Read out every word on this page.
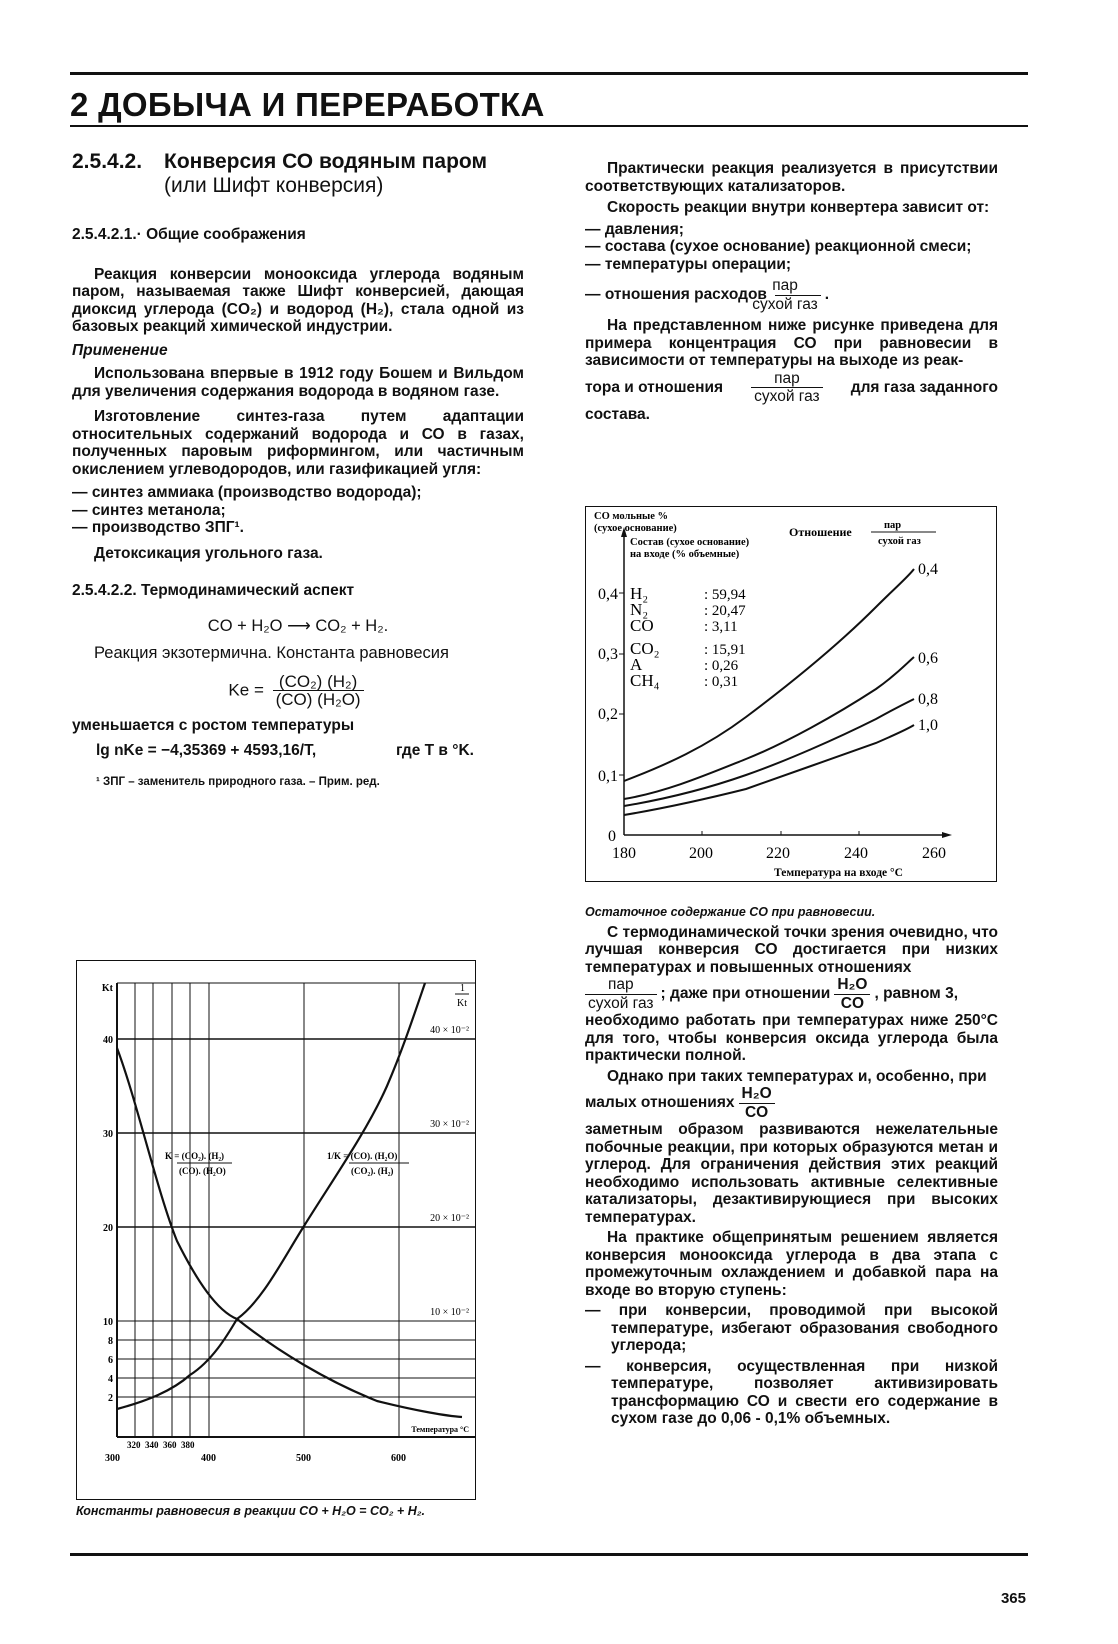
2 ДОБЫЧА И ПЕРЕРАБОТКА
2.5.4.2.	Конверсия СО водяным паром (или Шифт конверсия)
2.5.4.2.1.· Общие соображения

Реакция конверсии монооксида углерода водяным паром, называемая также Шифт конверсией, дающая диоксид углерода (CO₂) и водород (H₂), стала одной из базовых реакций химической индустрии.

Применение

Использована впервые в 1912 году Бошем и Вильдом для увеличения содержания водорода в водяном газе.

Изготовление синтез-газа путем адаптации относительных содержаний водорода и СО в газах, полученных паровым риформингом, или частичным окислением углеводородов, или газификацией угля:

— синтез аммиака (производство водорода);
— синтез метанола;
— производство ЗПГ¹.

Детоксикация угольного газа.

2.5.4.2.2. Термодинамический аспект
CO + H₂O ⟶ CO₂ + H₂.

Реакция экзотермична. Константа равновесия

$Ke = \frac{\text{(CO₂) (H₂)}}{\text{(CO) (H₂O)}}$

уменьшается с ростом температуры

lg nKe = −4,35369 + 4593,16/T,	где T в °K.
¹ ЗПГ – заменитель природного газа. – Прим. ред.
40
30
20
10
8
6
4
2
Kt	1
Kt
40 × 10⁻²
30 × 10⁻²
20 × 10⁻²
10 × 10⁻²
K = (CO₂). (H₂)
(CO). (H₂O)
1/K = (CO). (H₂O)
(CO₂). (H₂)
Температура °C
300
320 340 360 380
400	500	600
Константы равновесия в реакции CO + H₂O = CO₂ + H₂.

Практически реакция реализуется в присутствии соответствующих катализаторов.

Скорость реакции внутри конвертера зависит от:

— давления;
— состава (сухое основание) реакционной смеси;
— температуры операции;
— отношения расходов $\frac{\text{пар}}{\text{сухой газ}}$ .

На представленном ниже рисунке приведена для примера концентрация СО при равновесии в зависимости от температуры на выходе из реак-

тора и отношения $\frac{\text{пар}}{\text{сухой газ}}$ для газа заданного

состава.

0,4
0,3
0,2
0,1
0
180	200	220	240	260
0,4
0,6
0,8
1,0
H₂	: 59,94
N₂	: 20,47
CO	: 3,11
CO₂	: 15,91
A	: 0,26
CH₄	: 0,31
CO мольные %
(сухое основание)
Состав (сухое основание)
на входе (% объемные)
Отношение	пар
сухой газ
Температура на входе °C
Остаточное содержание СО при равновесии.

С термодинамической точки зрения очевидно, что лучшая конверсия СО достигается при низких температурах и повышенных отношениях

$\frac{\text{пар}}{\text{сухой газ}}$ ; даже при отношении $\frac{\text{H₂O}}{CO}$ , равном 3,

необходимо работать при температурах ниже 250°C для того, чтобы конверсия оксида углерода была практически полной.

Однако при таких температурах и, особенно, при

малых отношениях $\frac{\text{H₂O}}{CO}$

заметным образом развиваются нежелательные побочные реакции, при которых образуются метан и углерод. Для ограничения действия этих реакций необходимо использовать активные селективные катализаторы, дезактивирующиеся при высоких температурах.

На практике общепринятым решением является конверсия монооксида углерода в два этапа с промежуточным охлаждением и добавкой пара на входе во вторую ступень:

— при конверсии, проводимой при высокой температуре, избегают образования свободного углерода;
— конверсия, осуществленная при низкой температуре, позволяет активизировать трансформацию СО и свести его содержание в сухом газе до 0,06 - 0,1% объемных.
365
